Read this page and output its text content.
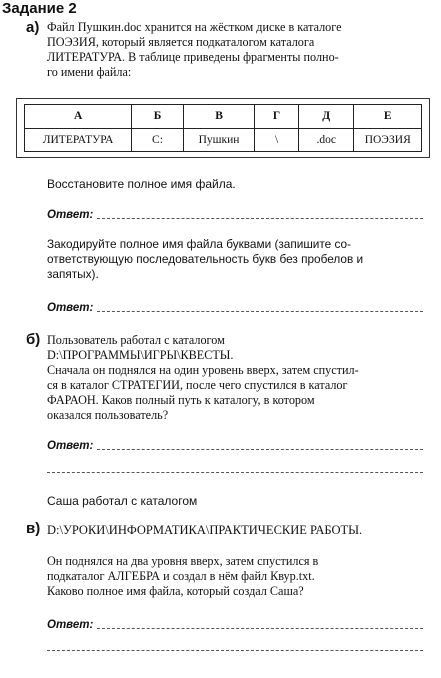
Задание 2
а) Файл Пушкин.doc хранится на жёстком диске в каталоге
ПОЭЗИЯ, который является подкаталогом каталога
ЛИТЕРАТУРА. В таблице приведены фрагменты полно-
го имени файла:
А	Б	В	Г	Д	Е
ЛИТЕРАТУРА	С:	Пушкин	\	.doc	ПОЭЗИЯ
Восстановите полное имя файла.
Ответ:
Закодируйте полное имя файла буквами (запишите со-
ответствующую последовательность букв без пробелов и
запятых).
Ответ:
б) Пользователь работал с каталогом
D:\ПРОГРАММЫ\ИГРЫ\КВЕСТЫ.
Сначала он поднялся на один уровень вверх, затем спустил-
ся в каталог СТРАТЕГИИ, после чего спустился в каталог
ФАРАОН. Каков полный путь к каталогу, в котором
оказался пользователь?
Ответ:
Саша работал с каталогом
в) D:\УРОКИ\ИНФОРМАТИКА\ПРАКТИЧЕСКИЕ РАБОТЫ.
Он поднялся на два уровня вверх, затем спустился в
подкаталог АЛГЕБРА и создал в нём файл Квур.txt.
Каково полное имя файла, который создал Саша?
Ответ:
